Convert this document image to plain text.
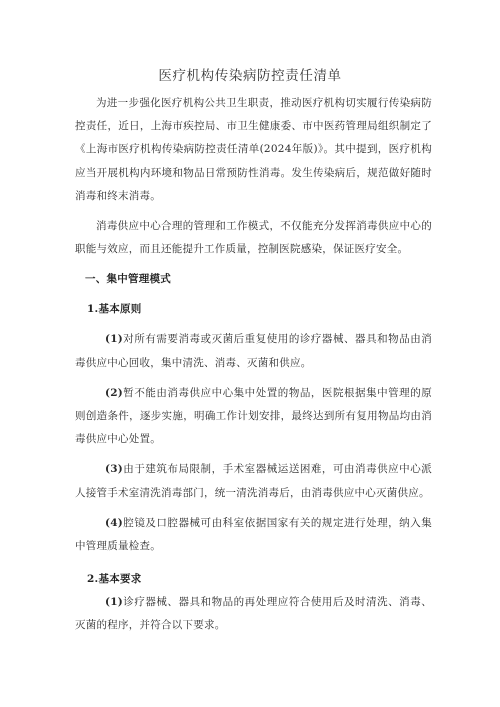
医疗机构传染病防控责任清单

为进一步强化医疗机构公共卫生职责，推动医疗机构切实履行传染病防控责任，近日，上海市疾控局、市卫生健康委、市中医药管理局组织制定了《上海市医疗机构传染病防控责任清单(2024年版)》。其中提到，医疗机构应当开展机构内环境和物品日常预防性消毒。发生传染病后，规范做好随时消毒和终末消毒。

消毒供应中心合理的管理和工作模式，不仅能充分发挥消毒供应中心的职能与效应，而且还能提升工作质量，控制医院感染，保证医疗安全。

一、集中管理模式

1.基本原则

(1)对所有需要消毒或灭菌后重复使用的诊疗器械、器具和物品由消毒供应中心回收，集中清洗、消毒、灭菌和供应。

(2)暂不能由消毒供应中心集中处置的物品，医院根据集中管理的原则创造条件，逐步实施，明确工作计划安排，最终达到所有复用物品均由消毒供应中心处置。

(3)由于建筑布局限制，手术室器械运送困难，可由消毒供应中心派人接管手术室清洗消毒部门，统一清洗消毒后，由消毒供应中心灭菌供应。

(4)腔镜及口腔器械可由科室依据国家有关的规定进行处理，纳入集中管理质量检查。

2.基本要求

(1)诊疗器械、器具和物品的再处理应符合使用后及时清洗、消毒、灭菌的程序，并符合以下要求。
